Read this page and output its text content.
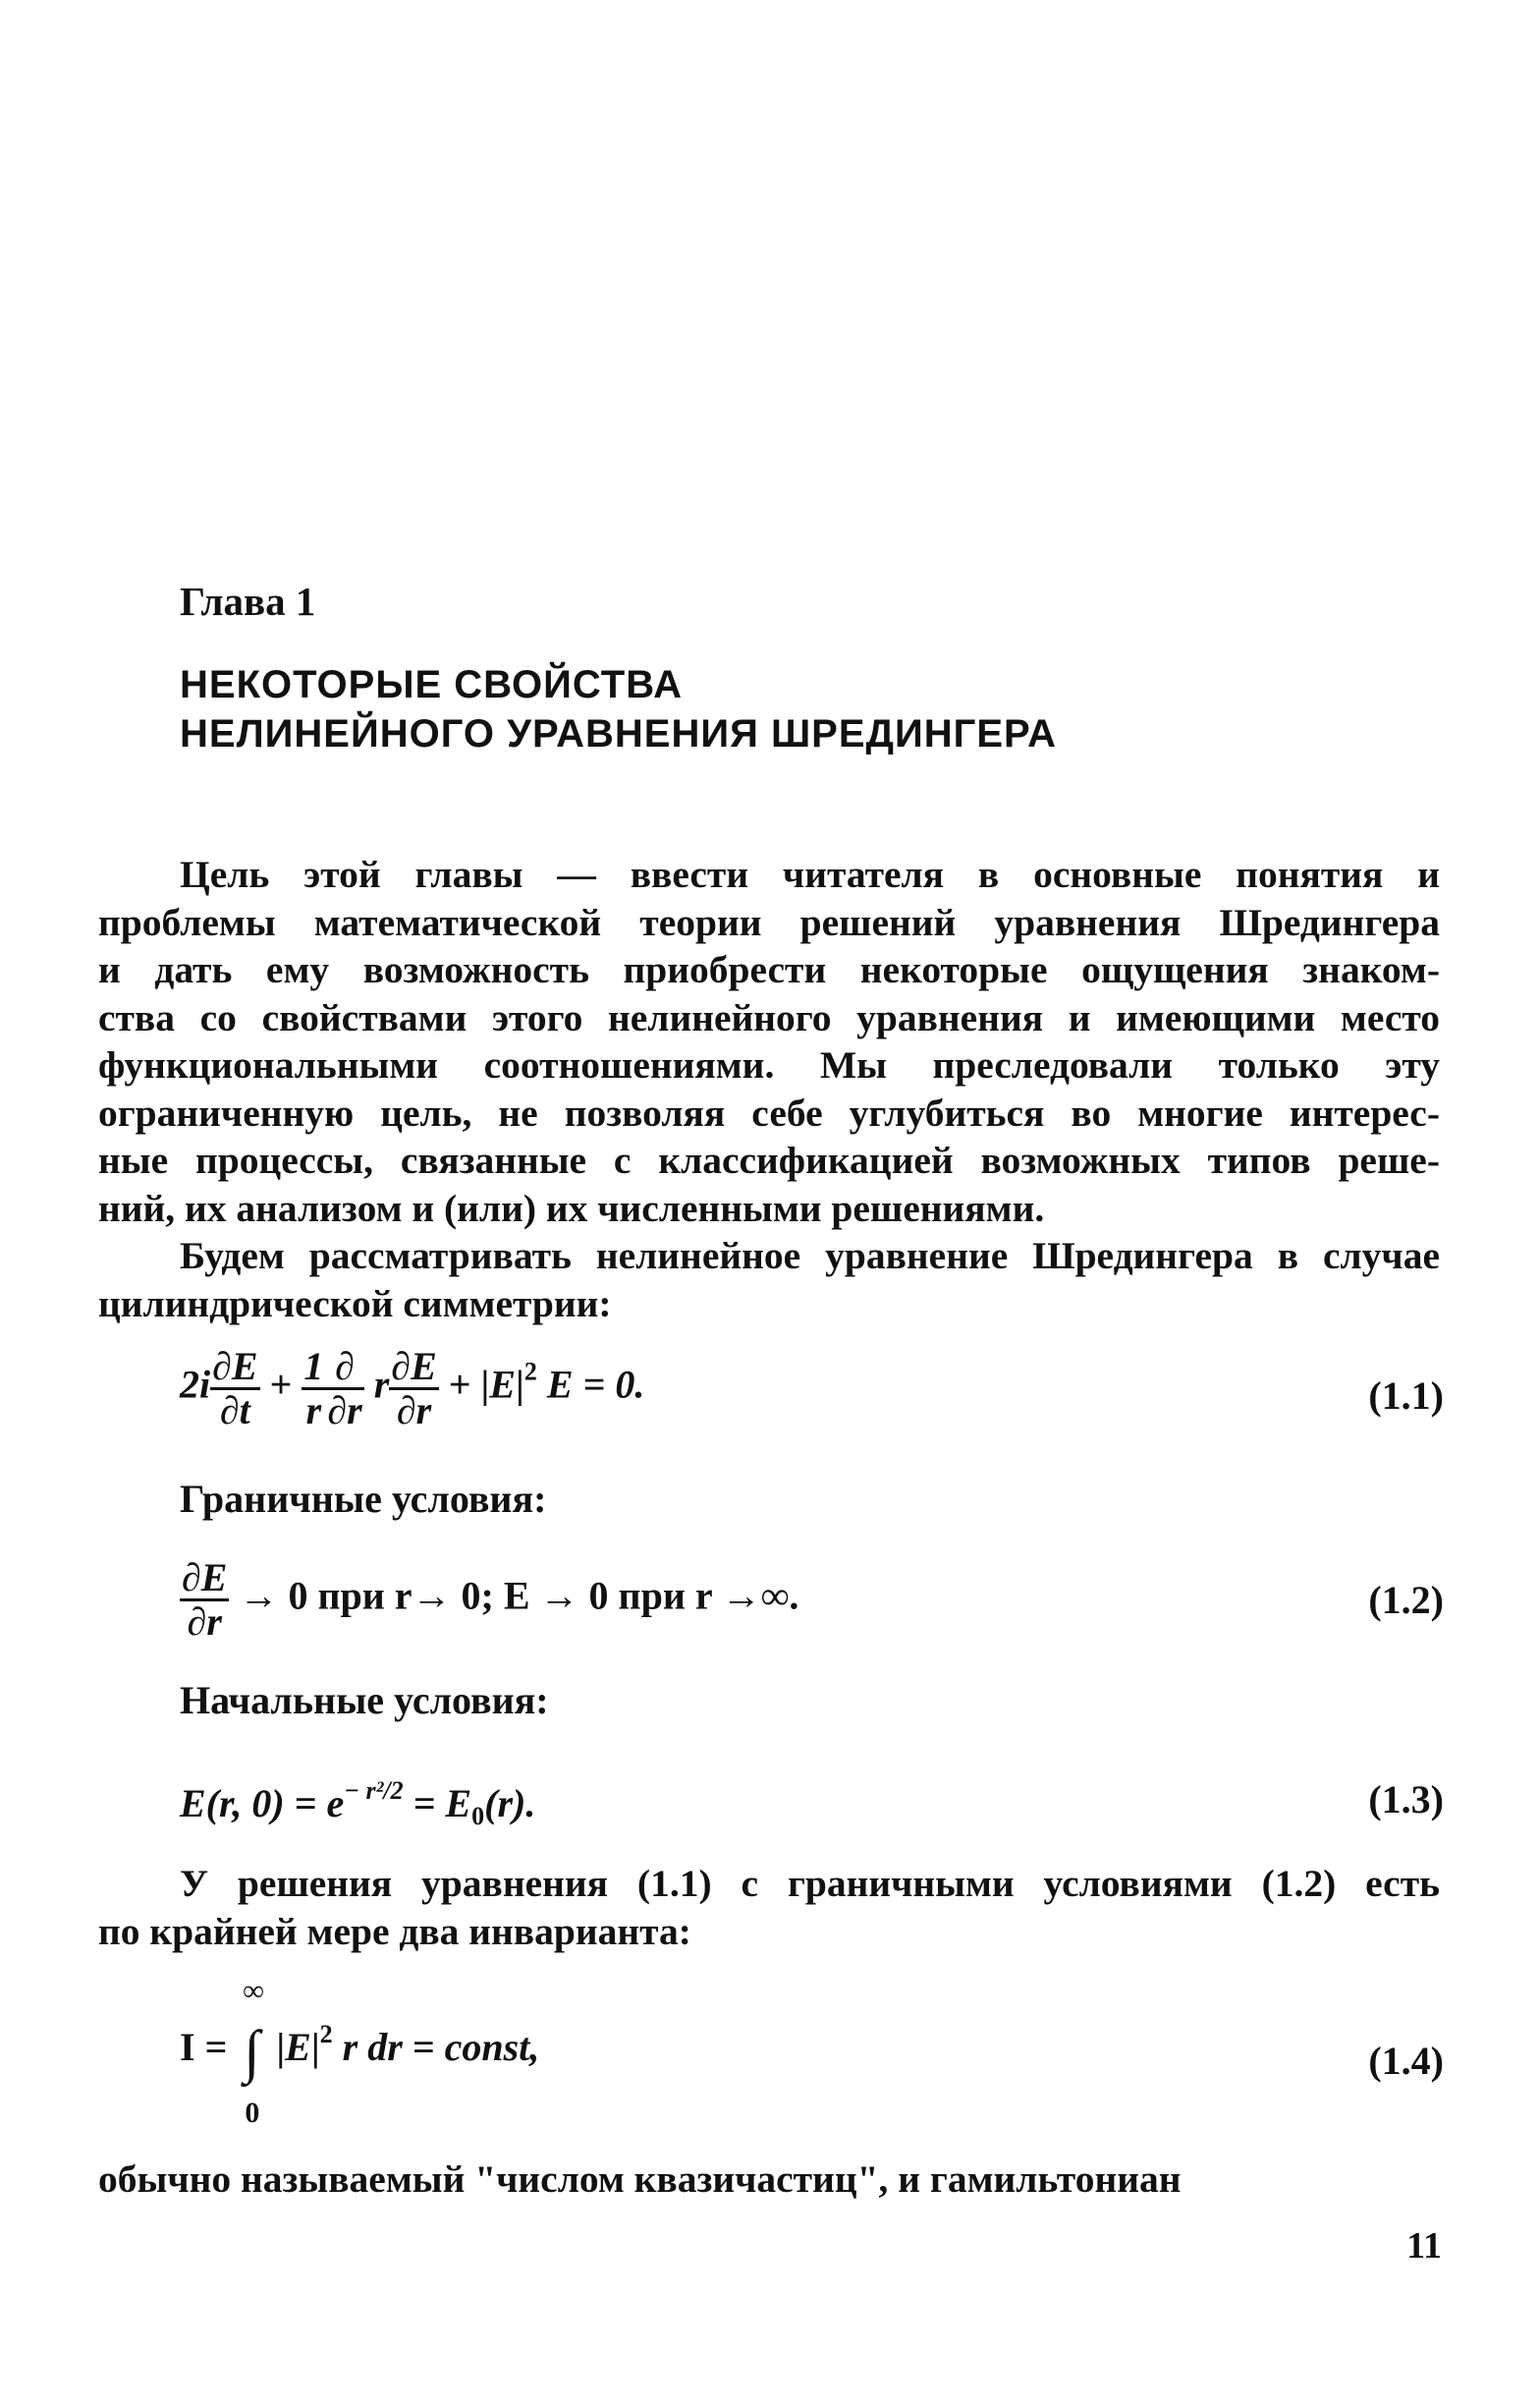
Глава 1
НЕКОТОРЫЕ СВОЙСТВА
НЕЛИНЕЙНОГО УРАВНЕНИЯ ШРЕДИНГЕРА
Цель этой главы — ввести читателя в основные понятия и
проблемы математической теории решений уравнения Шредингера
и дать ему возможность приобрести некоторые ощущения знаком-
ства со свойствами этого нелинейного уравнения и имеющими место
функциональными соотношениями. Мы преследовали только эту
ограниченную цель, не позволяя себе углубиться во многие интерес-
ные процессы, связанные с классификацией возможных типов реше-
ний, их анализом и (или) их численными решениями.
Будем рассматривать нелинейное уравнение Шредингера в случае
цилиндрической симметрии:
$2i \frac{\partial E}{\partial t} + \frac{1}{r} \frac{\partial}{\partial r}$ r $\frac{\partial E}{\partial r} + |E|^2$ E = 0.	(1.1)
Граничные условия:
$\frac{\partial E}{\partial r} \to 0$ при r→ 0; E → 0 при r →∞.	(1.2)
Начальные условия:
E(r, $0) = e^{- r^2/2} = E_0(r)$.	(1.3)
У решения уравнения (1.1) с граничными условиями (1.2) есть
по крайней мере два инварианта:
I =
∞
∫
0
$|E|^2$ r dr = const,	(1.4)
обычно называемый "числом квазичастиц", и гамильтониан
11
